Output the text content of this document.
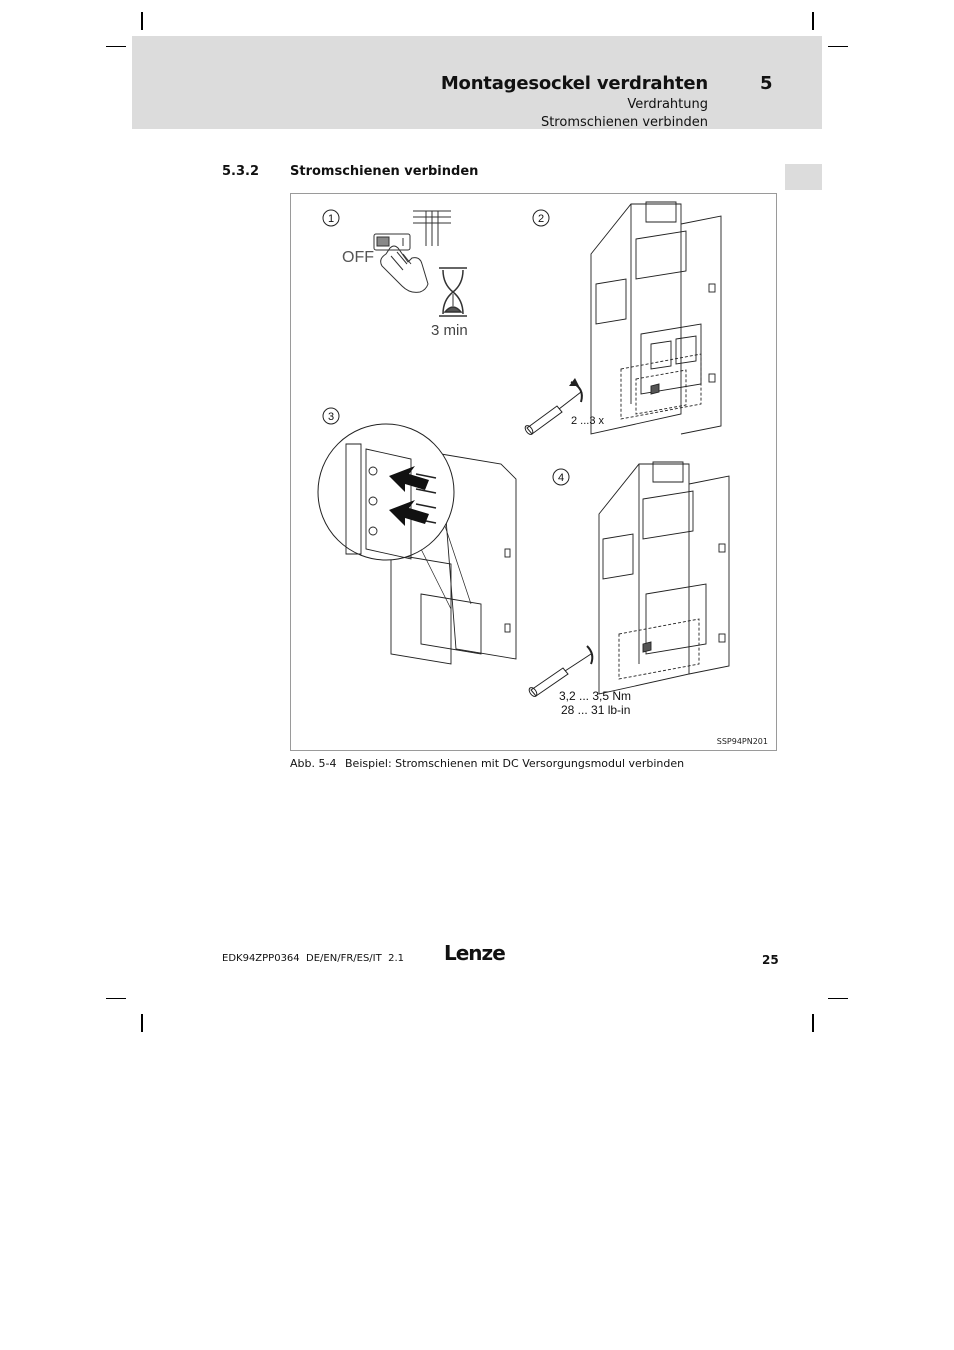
Montagesockel verdrahten	5
Verdrahtung
Stromschienen verbinden
5.3.2 Stromschienen verbinden
1	2
3
4
OFF
3 min
2 ...3 x
3,2 ... 3,5 Nm
28 ... 31 lb-in
SSP94PN201
Abb. 5-4 Beispiel: Stromschienen mit DC Versorgungsmodul verbinden
EDK94ZPP0364  DE/EN/FR/ES/IT  2.1 Lenze	25
